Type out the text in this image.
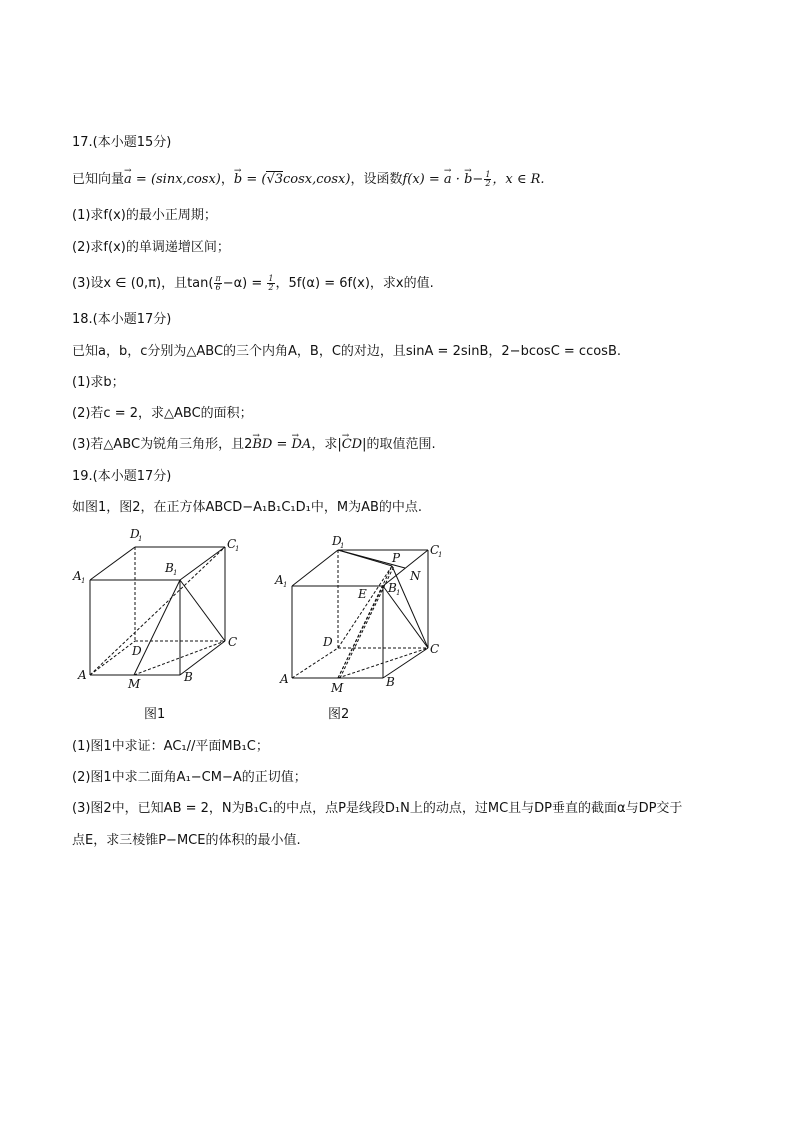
17.(本小题15分)
已知向量→ a = (sinx,cosx)，→ b = (√3cosx,cosx)，设函数f(x) = → a · → $b- \frac{1}{2}$ ，x ∈ R.
(1)求f(x)的最小正周期；
(2)求f(x)的单调递增区间；
(3)设x ∈ (0,π)，且$\tan( \frac{\pi}{6} -\alpha) = \frac{1}{2}$ ，5f(α) = 6f(x)，求x的值.
18.(本小题17分)
已知a，b，c分别为△ABC的三个内角A，B，C的对边，且sinA = 2sinB，2−bcosC = ccosB.
(1)求b；
(2)若c = 2，求△ABC的面积；
(3)若△ABC为锐角三角形，且2→ BD = → DA，求|→ CD|的取值范围.
19.(本小题17分)
如图1，图2，在正方体ABCD−A₁B₁C₁D₁中，M为AB的中点.
A
M	B
C
D
A 1
B 1
C
1
D
1
图1
A
M	B
C
D
E
P
N
A 1	B 1
C
1
D
1
图2
(1)图1中求证：AC₁//平面MB₁C；
(2)图1中求二面角A₁−CM−A的正切值；
(3)图2中，已知AB = 2，N为B₁C₁的中点，点P是线段D₁N上的动点，过MC且与DP垂直的截面α与DP交于
点E，求三棱锥P−MCE的体积的最小值.
